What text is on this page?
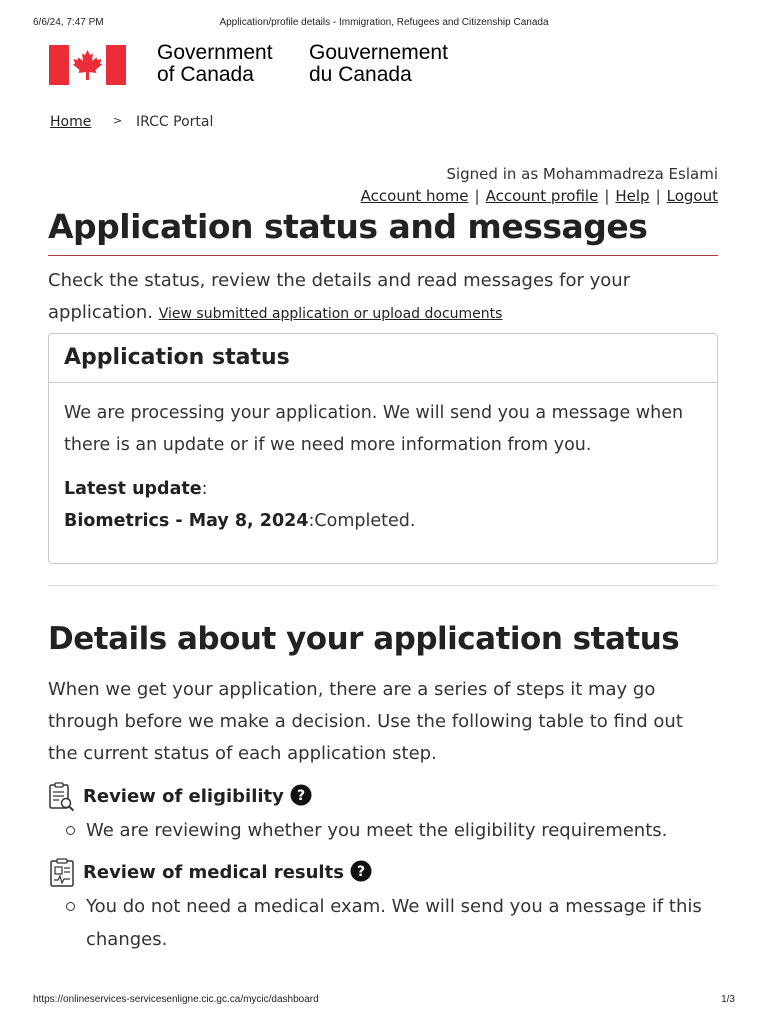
6/6/24, 7:47 PM	Application/profile details - Immigration, Refugees and Citizenship Canada
Government
of Canada
Gouvernement
du Canada
Home > IRCC Portal
Signed in as Mohammadreza Eslami
Account home | Account profile | Help | Logout
Application status and messages
Check the status, review the details and read messages for your application. View submitted application or upload documents
Application status
We are processing your application. We will send you a message when there is an update or if we need more information from you.
Latest update:
Biometrics - May 8, 2024:Completed.
Details about your application status
When we get your application, there are a series of steps it may go through before we make a decision. Use the following table to find out the current status of each application step.
Review of eligibility ?
We are reviewing whether you meet the eligibility requirements.
Review of medical results ?
You do not need a medical exam. We will send you a message if this changes.
https://onlineservices-servicesenligne.cic.gc.ca/mycic/dashboard	1/3
